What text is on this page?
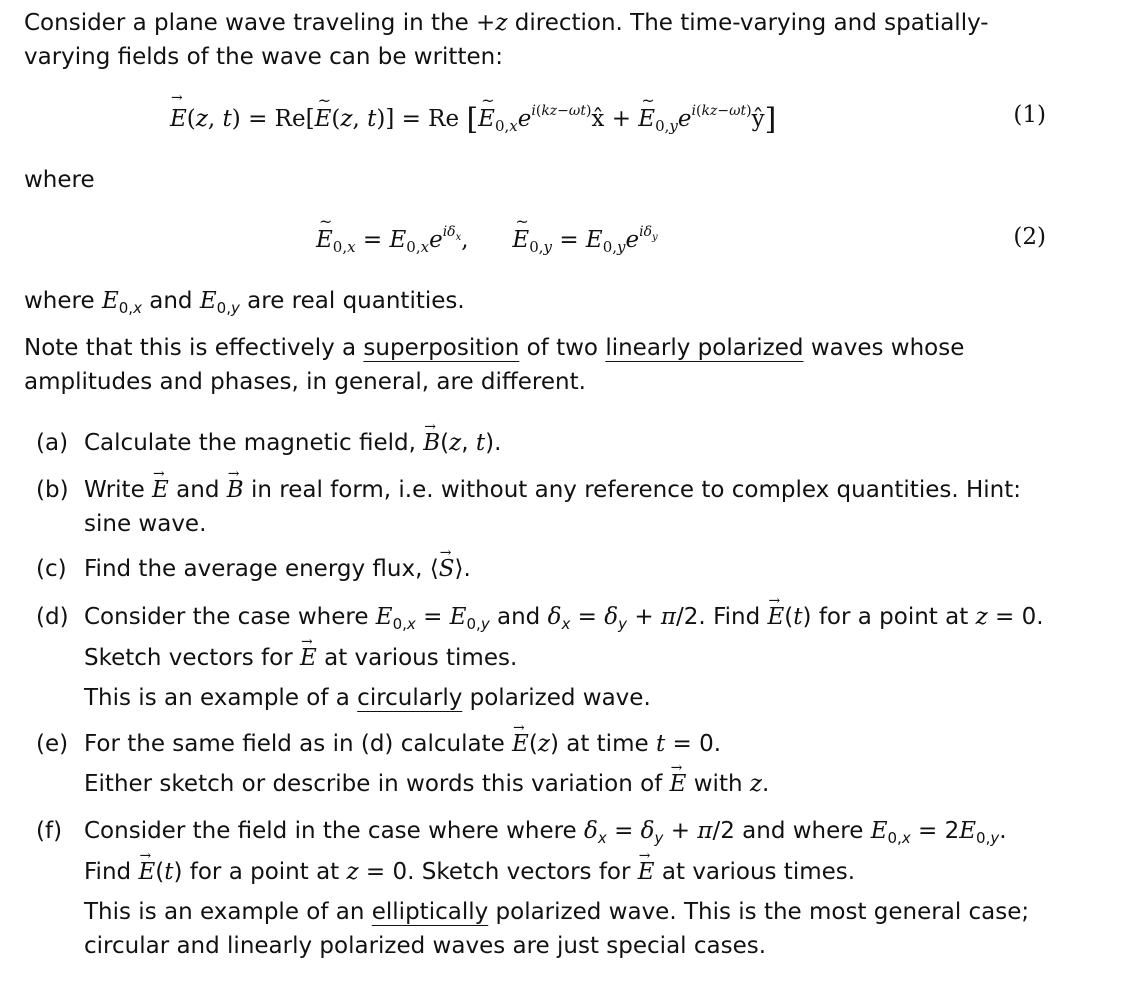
Consider a plane wave traveling in the +z direction. The time-varying and spatially-varying fields of the wave can be written:

→ E(z, t) = Re[~ E(z, t)] = Re [~ $E_{0,x}e^{i(kz-\omega t)}x̂$ + ~ $E_{0,y}e^{i(kz-\omega t)}ŷ$]	(1)

where

~ $E_{0,x} = E_{0,x}e^{i\delta_x}$,      ~ $E_{0,y} = E_{0,y}e^{i\delta_y}$	(2)

where $E_{0,x}$ and $E_{0,y}$ are real quantities.

Note that this is effectively a superposition of two linearly polarized waves whose amplitudes and phases, in general, are different.

(a) Calculate the magnetic field, → B(z, t).

(b) Write → E and → B in real form, i.e. without any reference to complex quantities. Hint: sine wave.

(c) Find the average energy flux, ⟨→ S⟩.

(d) Consider the case where $E_{0,x} = E_{0,y}$ and $\delta_x = \delta_y + \pi/2$. Find → E(t) for a point at z = 0. Sketch vectors for → E at various times.

This is an example of a circularly polarized wave.

(e) For the same field as in (d) calculate → E(z) at time t = 0.

Either sketch or describe in words this variation of → E with z.

(f) Consider the field in the case where where $\delta_x = \delta_y + \pi/2$ and where $E_{0,x} = 2E_{0,y}$. Find → E(t) for a point at z = 0. Sketch vectors for → E at various times.

This is an example of an elliptically polarized wave. This is the most general case; circular and linearly polarized waves are just special cases.
